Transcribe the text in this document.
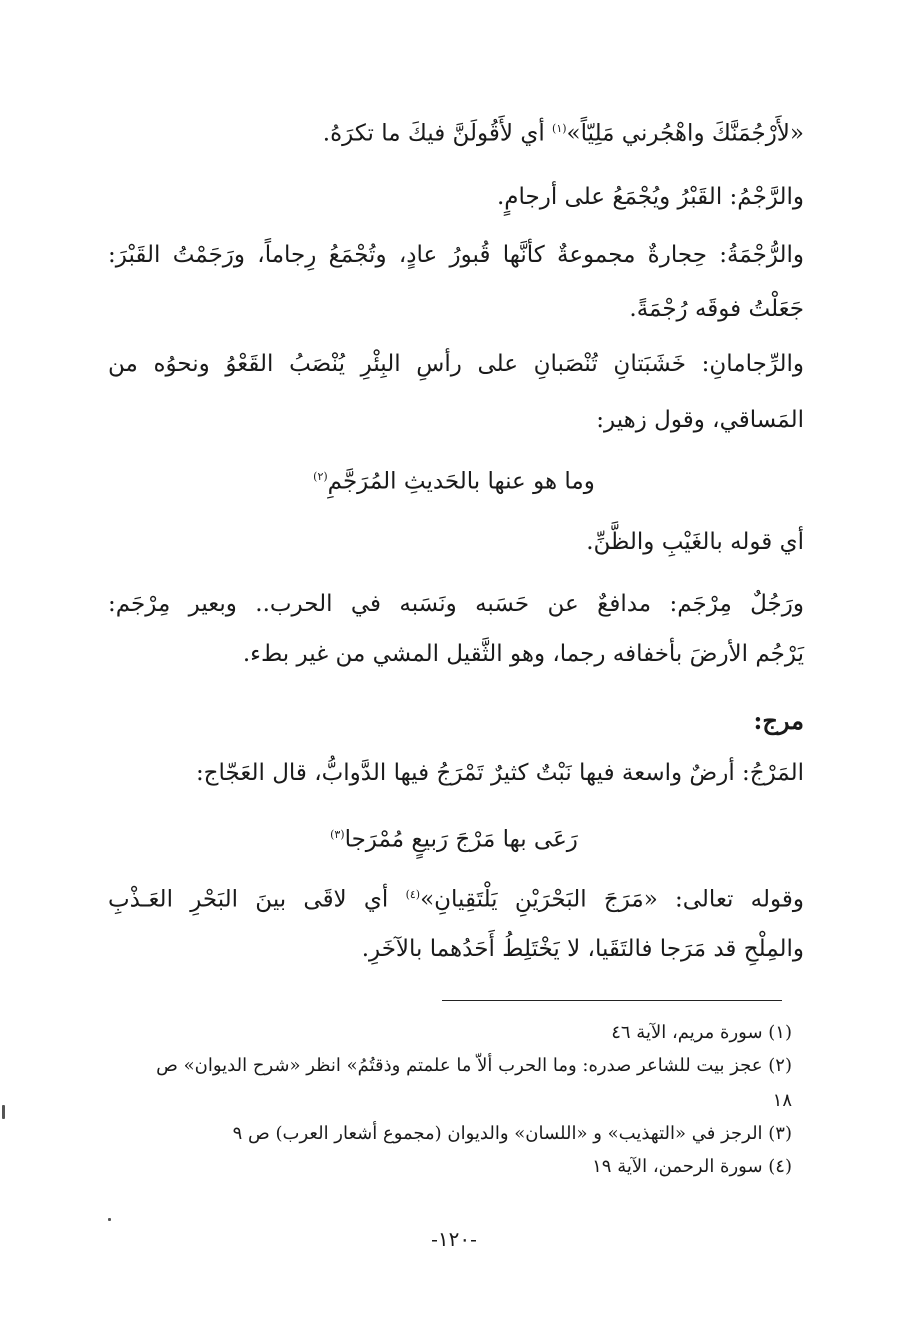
«لأَرْجُمَنَّكَ واهْجُرني مَلِيّاً»$^{(١)}$ أي لأَقُولَنَّ فيكَ ما تكرَهُ.
والرَّجْمُ: القَبْرُ ويُجْمَعُ على أرجامٍ.
والرُّجْمَةُ: حِجارةٌ مجموعةٌ كأنَّها قُبورُ عادٍ، وتُجْمَعُ رِجاماً، ورَجَمْتُ القَبْرَ:
جَعَلْتُ فوقَه رُجْمَةً.
والرِّجامانِ: خَشَبَتانِ تُنْصَبانِ على رأسِ البِئْرِ يُنْصَبُ القَعْوُ ونحوُه من
المَساقي، وقول زهير:
وما هو عنها بالحَديثِ المُرَجَّمِ$^{(٢)}$
أي قوله بالغَيْبِ والظَّنِّ.
ورَجُلٌ مِرْجَم: مدافعٌ عن حَسَبه ونَسَبه في الحرب.. وبعير مِرْجَم:
يَرْجُم الأرضَ بأخفافه رجما، وهو الثَّقيل المشي من غير بطء.
مرج:
المَرْجُ: أرضٌ واسعة فيها نَبْتٌ كثيرٌ تَمْرَجُ فيها الدَّوابُّ، قال العَجّاج:
رَعَى بها مَرْجَ رَبيعٍ مُمْرَجا$^{(٣)}$
وقوله تعالى: «مَرَجَ البَحْرَيْنِ يَلْتَقِيانِ»$^{(٤)}$ أي لاقَى بينَ البَحْرِ العَـذْبِ
والمِلْحِ قد مَرَجا فالتَقَيا، لا يَخْتَلِطُ أَحَدُهما بالآخَرِ.
(١) سورة مريم، الآية ٤٦
(٢) عجز بيت للشاعر صدره: وما الحرب ألاّ ما علمتم وذقتُمُ» انظر «شرح الديوان» ص
١٨
(٣) الرجز في «التهذيب» و «اللسان» والديوان (مجموع أشعار العرب) ص ٩
(٤) سورة الرحمن، الآية ١٩
-١٢٠-
